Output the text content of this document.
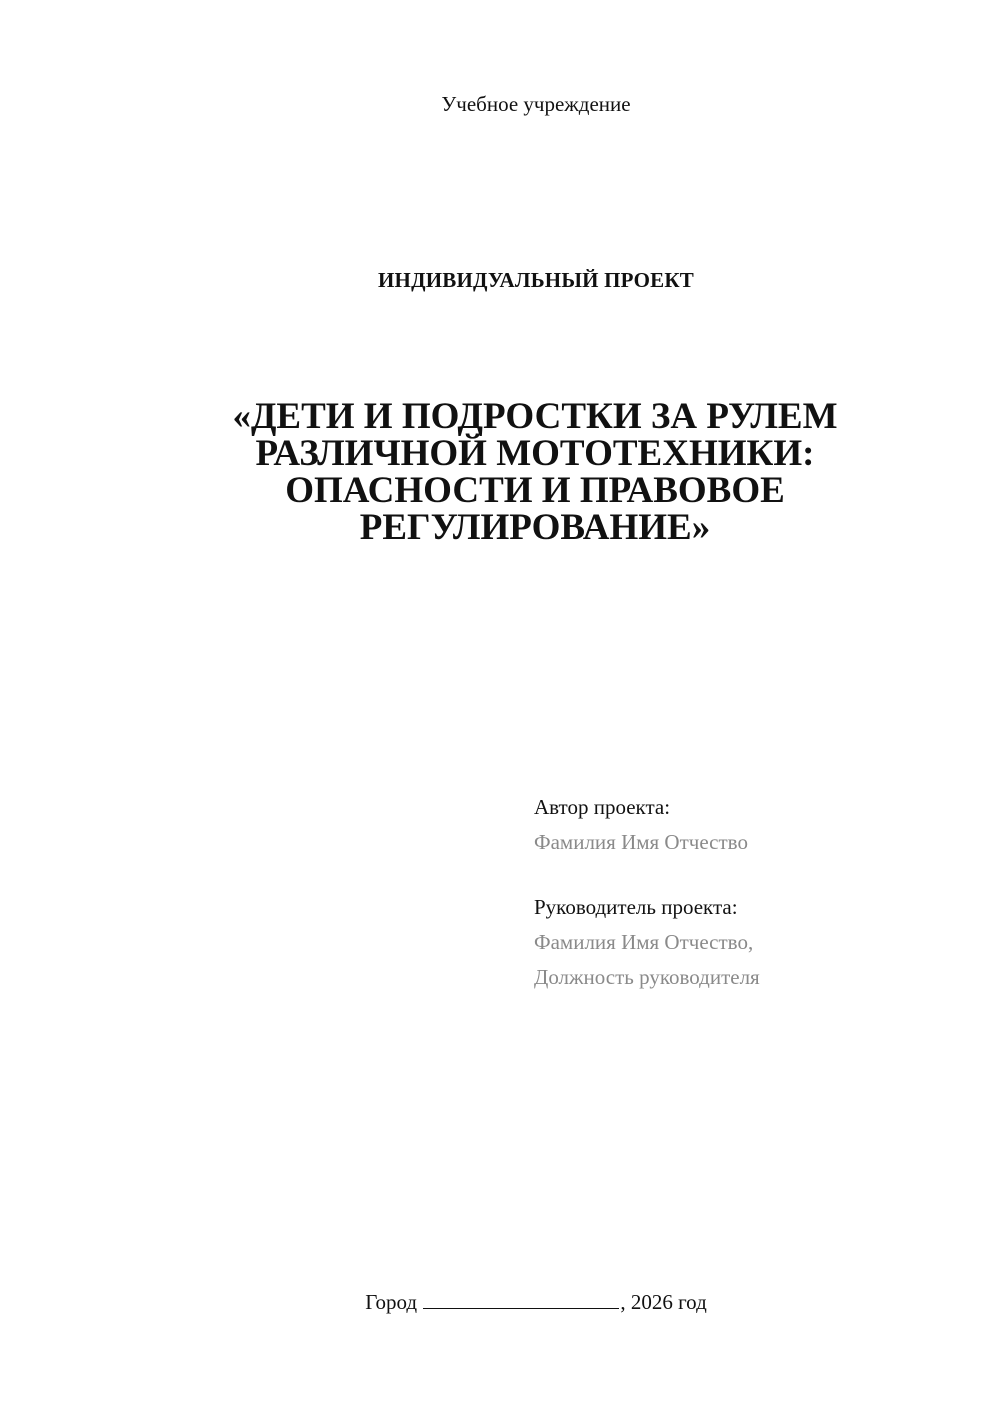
Учебное учреждение
ИНДИВИДУАЛЬНЫЙ ПРОЕКТ
«ДЕТИ И ПОДРОСТКИ ЗА РУЛЕМ РАЗЛИЧНОЙ МОТОТЕХНИКИ: ОПАСНОСТИ И ПРАВОВОЕ РЕГУЛИРОВАНИЕ»
Автор проекта:
Фамилия Имя Отчество
Руководитель проекта:
Фамилия Имя Отчество,
Должность руководителя
Город	, 2026 год
